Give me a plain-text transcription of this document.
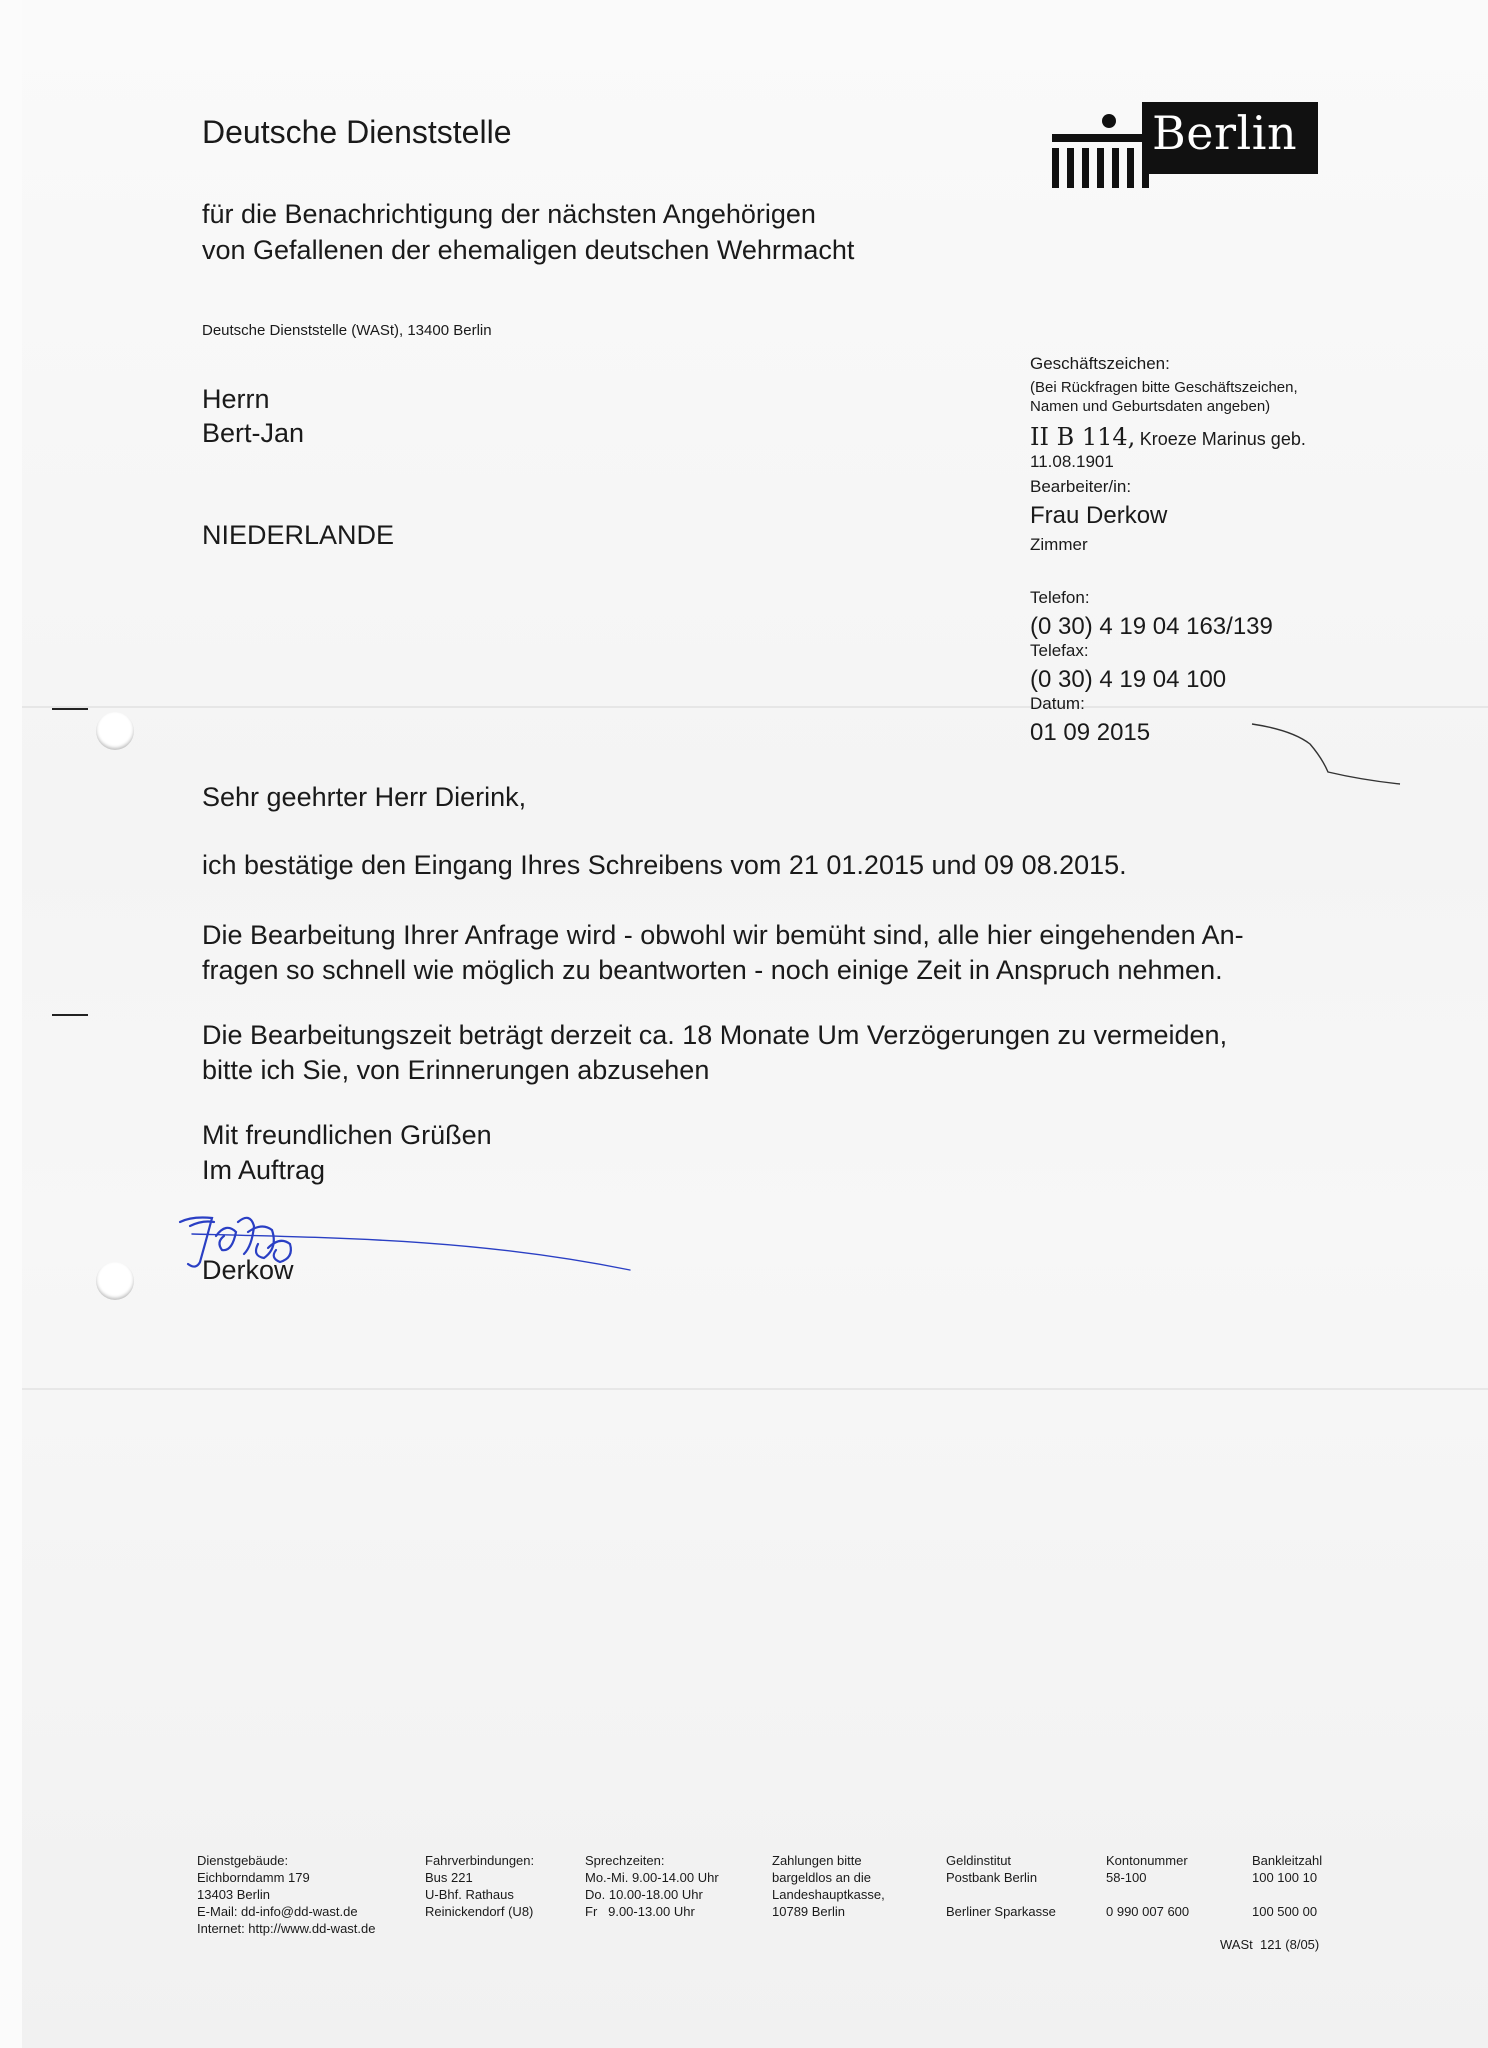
Deutsche Dienststelle
für die Benachrichtigung der nächsten Angehörigen
von Gefallenen der ehemaligen deutschen Wehrmacht
Berlin
Deutsche Dienststelle (WASt), 13400 Berlin
Herrn
Bert-Jan
NIEDERLANDE
Geschäftszeichen:
(Bei Rückfragen bitte Geschäftszeichen,
Namen und Geburtsdaten angeben)
II B 114, Kroeze Marinus geb.
11.08.1901
Bearbeiter/in:
Frau Derkow
Zimmer
Telefon:
(0 30) 4 19 04 163/139
Telefax:
(0 30) 4 19 04 100
Datum:
01 09 2015
Sehr geehrter Herr Dierink,
ich bestätige den Eingang Ihres Schreibens vom 21 01.2015 und 09 08.2015.
Die Bearbeitung Ihrer Anfrage wird - obwohl wir bemüht sind, alle hier eingehenden An-
fragen so schnell wie möglich zu beantworten - noch einige Zeit in Anspruch nehmen.
Die Bearbeitungszeit beträgt derzeit ca. 18 Monate Um Verzögerungen zu vermeiden,
bitte ich Sie, von Erinnerungen abzusehen
Mit freundlichen Grüßen
Im Auftrag
Derkow
Dienstgebäude:
Eichborndamm 179
13403 Berlin
E-Mail: dd-info@dd-wast.de
Internet: http://www.dd-wast.de
Fahrverbindungen:
Bus 221
U-Bhf. Rathaus
Reinickendorf (U8)
Sprechzeiten:
Mo.-Mi. 9.00-14.00 Uhr
Do. 10.00-18.00 Uhr
Fr   9.00-13.00 Uhr
Zahlungen bitte
bargeldlos an die
Landeshauptkasse,
10789 Berlin
Geldinstitut
Postbank Berlin
Berliner Sparkasse
Kontonummer
58-100
0 990 007 600
Bankleitzahl
100 100 10
100 500 00
WASt  121 (8/05)
